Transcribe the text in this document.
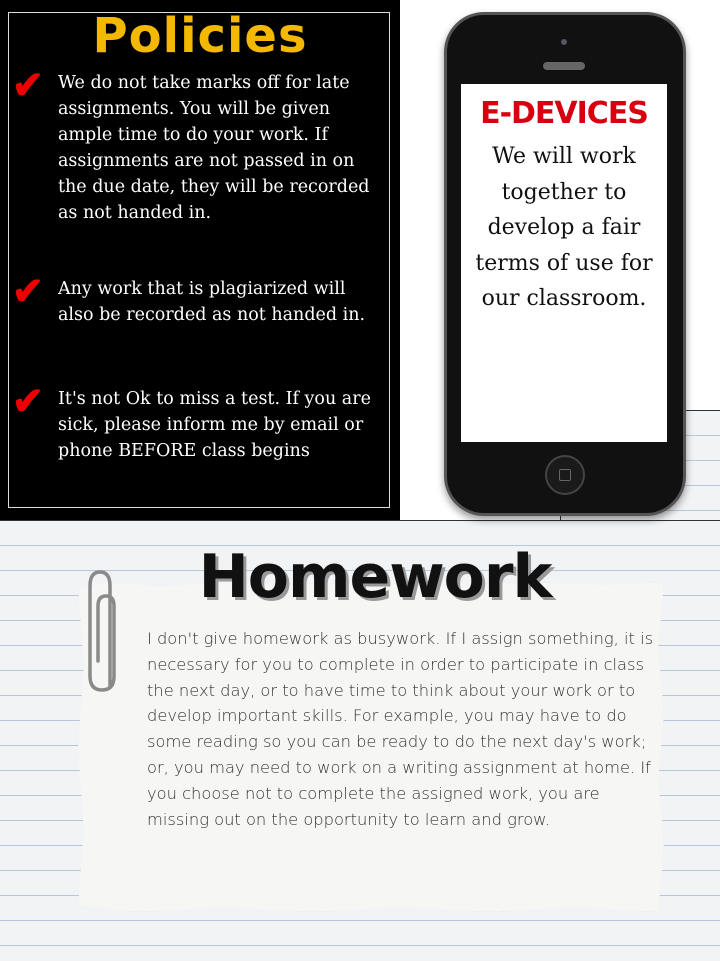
Policies
✔ We do not take marks off for late assignments. You will be given ample time to do your work. If assignments are not passed in on the due date, they will be recorded as not handed in.
✔ Any work that is plagiarized will also be recorded as not handed in.
✔ It's not Ok to miss a test. If you are sick, please inform me by email or phone BEFORE class begins
E-DEVICES
We will work together to develop a fair terms of use for our classroom.
Homework
I don't give homework as busywork. If I assign something, it is necessary for you to complete in order to participate in class the next day, or to have time to think about your work or to develop important skills. For example, you may have to do some reading so you can be ready to do the next day's work; or, you may need to work on a writing assignment at home. If you choose not to complete the assigned work, you are missing out on the opportunity to learn and grow.
